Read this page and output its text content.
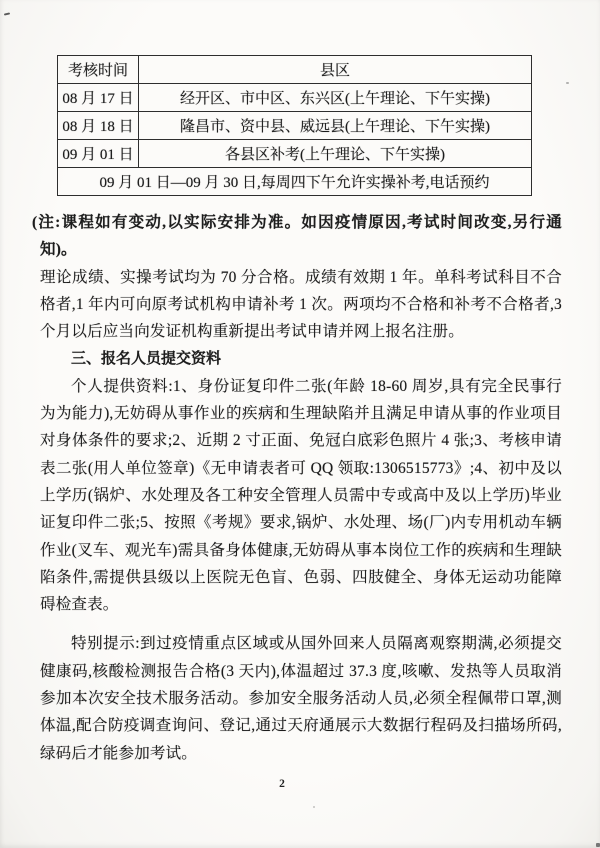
考核时间	县区
08 月 17 日	经开区、市中区、东兴区(上午理论、下午实操)
08 月 18 日	隆昌市、资中县、威远县(上午理论、下午实操)
09 月 01 日	各县区补考(上午理论、下午实操)
09 月 01 日—09 月 30 日,每周四下午允许实操补考,电话预约	

(注:课程如有变动,以实际安排为准。如因疫情原因,考试时间改变,另行通知)。

理论成绩、实操考试均为 70 分合格。成绩有效期 1 年。单科考试科目不合格者,1 年内可向原考试机构申请补考 1 次。两项均不合格和补考不合格者,3 个月以后应当向发证机构重新提出考试申请并网上报名注册。

三、报名人员提交资料

个人提供资料:1、身份证复印件二张(年龄 18-60 周岁,具有完全民事行为为能力),无妨碍从事作业的疾病和生理缺陷并且满足申请从事的作业项目对身体条件的要求;2、近期 2 寸正面、免冠白底彩色照片 4 张;3、考核申请表二张(用人单位签章)《无申请表者可 QQ 领取:1306515773》;4、初中及以上学历(锅炉、水处理及各工种安全管理人员需中专或高中及以上学历)毕业证复印件二张;5、按照《考规》要求,锅炉、水处理、场(厂)内专用机动车辆作业(叉车、观光车)需具备身体健康,无妨碍从事本岗位工作的疾病和生理缺陷条件,需提供县级以上医院无色盲、色弱、四肢健全、身体无运动功能障碍检查表。

特别提示:到过疫情重点区域或从国外回来人员隔离观察期满,必须提交健康码,核酸检测报告合格(3 天内),体温超过 37.3 度,咳嗽、发热等人员取消参加本次安全技术服务活动。参加安全服务活动人员,必须全程佩带口罩,测体温,配合防疫调查询问、登记,通过天府通展示大数据行程码及扫描场所码,绿码后才能参加考试。

2
